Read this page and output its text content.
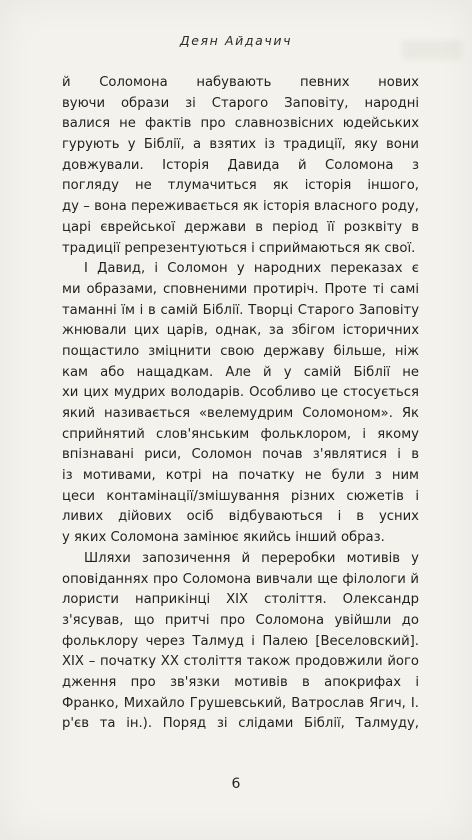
Деян Айдачич
й Соломона набувають певних нових
вуючи образи зі Старого Заповіту, народні
валися не фактів про славнозвісних юдейських
гурують у Біблії, а взятих із традиції, яку вони
довжували. Історія Давида й Соломона з
погляду не тлумачиться як історія іншого,
ду – вона переживається як історія власного роду,
царі єврейської держави в період її розквіту в
традиції репрезентуються і сприймаються як свої.
І Давид, і Соломон у народних переказах є
ми образами, сповненими протиріч. Проте ті самі
таманні їм і в самій Біблії. Творці Старого Заповіту
жнювали цих царів, однак, за збігом історичних
пощастило зміцнити свою державу більше, ніж
кам або нащадкам. Але й у самій Біблії не
хи цих мудрих володарів. Особливо це стосується
який називається «велемудрим Соломоном». Як
сприйнятий слов'янським фольклором, і якому
впізнавані риси, Соломон почав з'являтися і в
із мотивами, котрі на початку не були з ним
цеси контамінації/змішування різних сюжетів і
ливих дійових осіб відбуваються і в усних
у яких Соломона замінює якийсь інший образ.
Шляхи запозичення й переробки мотивів у
оповіданнях про Соломона вивчали ще філологи й
лористи наприкінці XIX століття. Олександр
з'ясував, що притчі про Соломона увійшли до
фольклору через Талмуд і Палею [Веселовский].
XIX – початку XX століття також продовжили його
дження про зв'язки мотивів в апокрифах і
Франко, Михайло Грушевський, Ватрослав Ягич, І.
р'єв та ін.). Поряд зі слідами Біблії, Талмуду,
6
